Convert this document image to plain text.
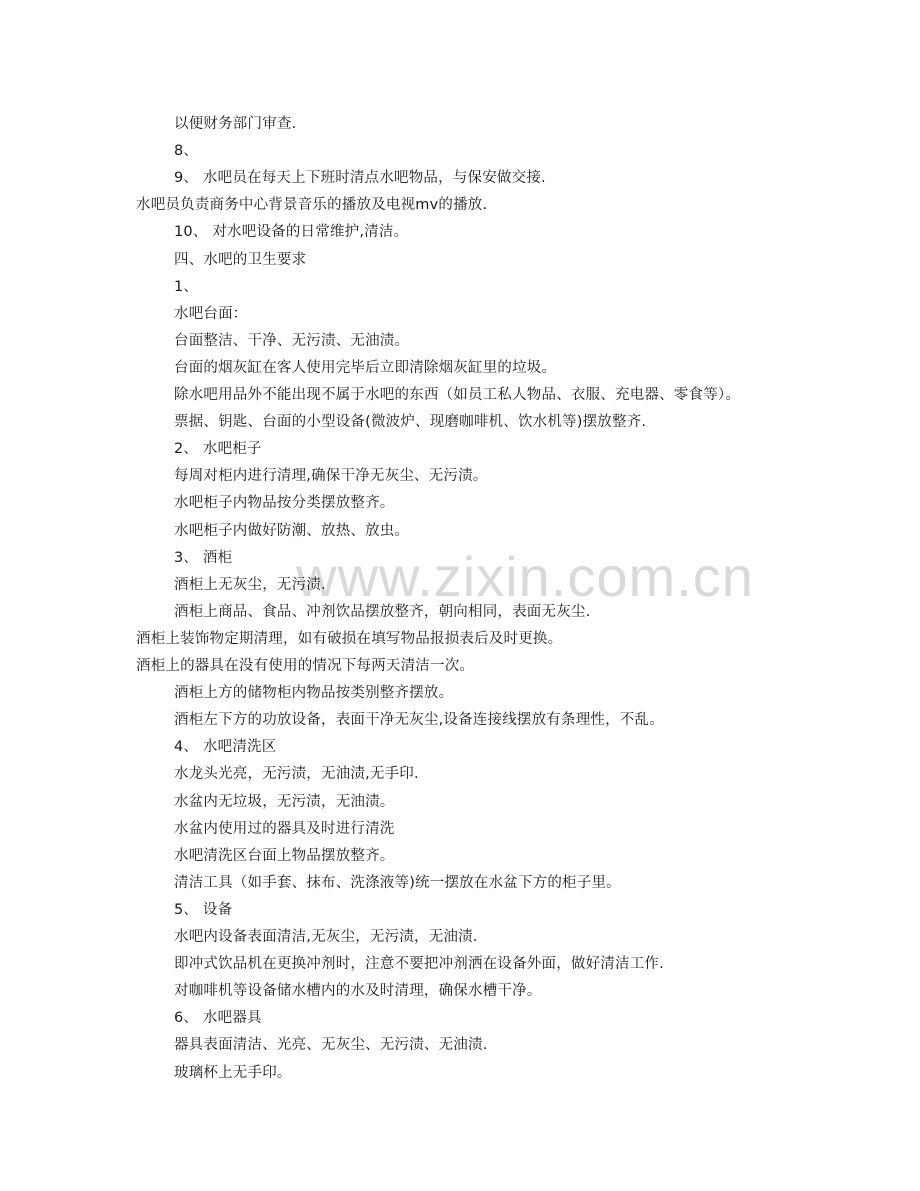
www.zixin.com.cn
以便财务部门审查.
8、
9、 水吧员在每天上下班时清点水吧物品，与保安做交接.
水吧员负责商务中心背景音乐的播放及电视mv的播放.
10、 对水吧设备的日常维护,清洁。
四、水吧的卫生要求
1、
水吧台面：
台面整洁、干净、无污渍、无油渍。
台面的烟灰缸在客人使用完毕后立即清除烟灰缸里的垃圾。
除水吧用品外不能出现不属于水吧的东西（如员工私人物品、衣服、充电器、零食等）。
票据、钥匙、台面的小型设备(微波炉、现磨咖啡机、饮水机等)摆放整齐.
2、 水吧柜子
每周对柜内进行清理,确保干净无灰尘、无污渍。
水吧柜子内物品按分类摆放整齐。
水吧柜子内做好防潮、放热、放虫。
3、 酒柜
酒柜上无灰尘，无污渍.
酒柜上商品、食品、冲剂饮品摆放整齐，朝向相同，表面无灰尘.
酒柜上装饰物定期清理，如有破损在填写物品报损表后及时更换。
酒柜上的器具在没有使用的情况下每两天清洁一次。
酒柜上方的储物柜内物品按类别整齐摆放。
酒柜左下方的功放设备，表面干净无灰尘,设备连接线摆放有条理性，不乱。
4、 水吧清洗区
水龙头光亮，无污渍，无油渍,无手印.
水盆内无垃圾，无污渍，无油渍。
水盆内使用过的器具及时进行清洗
水吧清洗区台面上物品摆放整齐。
清洁工具（如手套、抹布、洗涤液等)统一摆放在水盆下方的柜子里。
5、 设备
水吧内设备表面清洁,无灰尘，无污渍，无油渍.
即冲式饮品机在更换冲剂时，注意不要把冲剂洒在设备外面，做好清洁工作.
对咖啡机等设备储水槽内的水及时清理，确保水槽干净。
6、 水吧器具
器具表面清洁、光亮、无灰尘、无污渍、无油渍.
玻璃杯上无手印。
